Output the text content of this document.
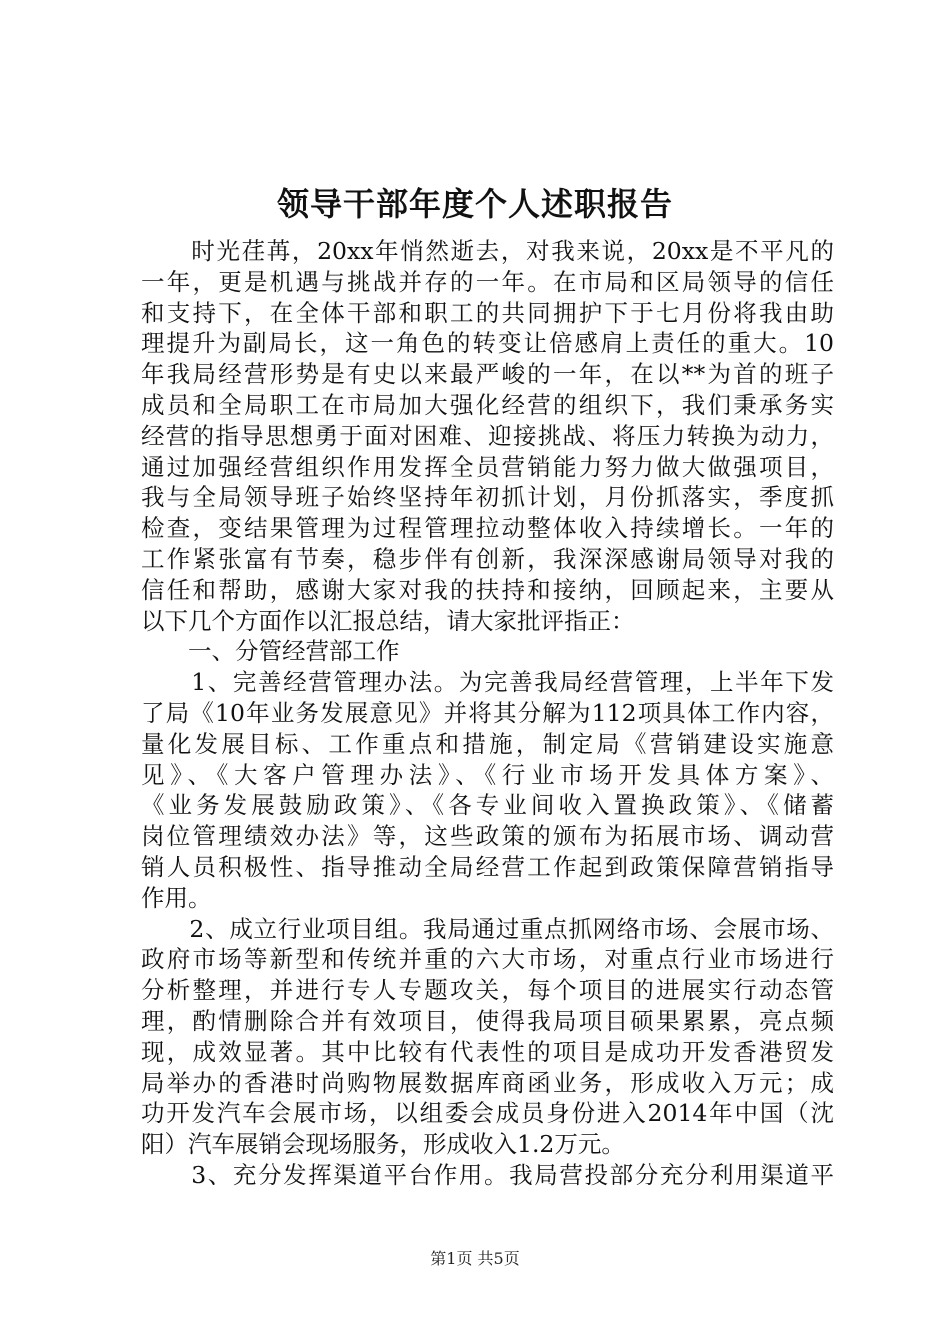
领导干部年度个人述职报告
　　时光荏苒，20xx年悄然逝去，对我来说，20xx是不平凡的
一年，更是机遇与挑战并存的一年。在市局和区局领导的信任
和支持下，在全体干部和职工的共同拥护下于七月份将我由助
理提升为副局长，这一角色的转变让倍感肩上责任的重大。10
年我局经营形势是有史以来最严峻的一年，在以**为首的班子
成员和全局职工在市局加大强化经营的组织下，我们秉承务实
经营的指导思想勇于面对困难、迎接挑战、将压力转换为动力，
通过加强经营组织作用发挥全员营销能力努力做大做强项目，
我与全局领导班子始终坚持年初抓计划，月份抓落实，季度抓
检查，变结果管理为过程管理拉动整体收入持续增长。一年的
工作紧张富有节奏，稳步伴有创新，我深深感谢局领导对我的
信任和帮助，感谢大家对我的扶持和接纳，回顾起来，主要从
以下几个方面作以汇报总结，请大家批评指正：
　　一、分管经营部工作
　　1、完善经营管理办法。为完善我局经营管理，上半年下发
了局《10年业务发展意见》并将其分解为112项具体工作内容，
量化发展目标、工作重点和措施，制定局《营销建设实施意
见》、《大客户管理办法》、《行业市场开发具体方案》、
《业务发展鼓励政策》、《各专业间收入置换政策》、《储蓄
岗位管理绩效办法》等，这些政策的颁布为拓展市场、调动营
销人员积极性、指导推动全局经营工作起到政策保障营销指导
作用。
　　2、成立行业项目组。我局通过重点抓网络市场、会展市场、
政府市场等新型和传统并重的六大市场，对重点行业市场进行
分析整理，并进行专人专题攻关，每个项目的进展实行动态管
理，酌情删除合并有效项目，使得我局项目硕果累累，亮点频
现，成效显著。其中比较有代表性的项目是成功开发香港贸发
局举办的香港时尚购物展数据库商函业务，形成收入万元；成
功开发汽车会展市场，以组委会成员身份进入2014年中国（沈
阳）汽车展销会现场服务，形成收入1.2万元。
　　3、充分发挥渠道平台作用。我局营投部分充分利用渠道平
第1页 共5页
